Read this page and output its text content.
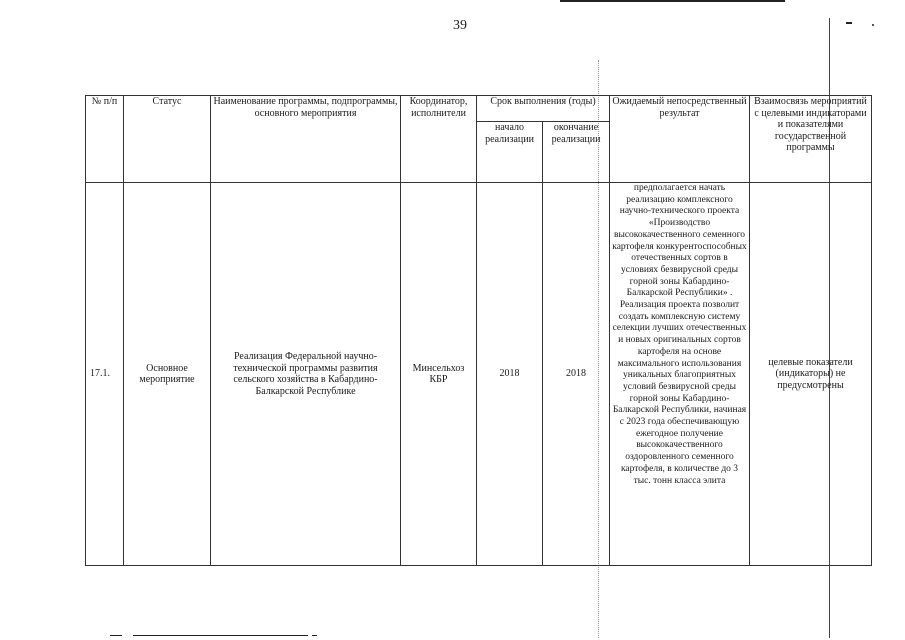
39
№ п/п	Статус	Наименование программы, подпрограммы, основного мероприятия	Координатор, исполнители	Срок выполнения (годы)		Ожидаемый непосредственный результат	Взаимосвязь мероприятий с целевыми индикаторами и показателями государственной программы
				начало реализации	окончание реализации		
17.1.	Основное мероприятие	Реализация Федеральной научно-технической программы развития сельского хозяйства в Кабардино-Балкарской Республике	Минсельхоз КБР	2018	2018	предполагается начать реализацию комплексного научно-технического проекта «Производство высококачественного семенного картофеля конкурентоспособных отечественных сортов в условиях безвирусной среды горной зоны Кабардино-Балкарской Республики» . Реализация проекта позволит создать комплексную систему селекции лучших отечественных и новых оригинальных сортов картофеля на основе максимального использования уникальных благоприятных условий безвирусной среды горной зоны Кабардино-Балкарской Республики, начиная с 2023 года обеспечивающую ежегодное получение высококачественного оздоровленного семенного картофеля, в количестве до 3 тыс. тонн класса элита	целевые показатели (индикаторы) не предусмотрены
